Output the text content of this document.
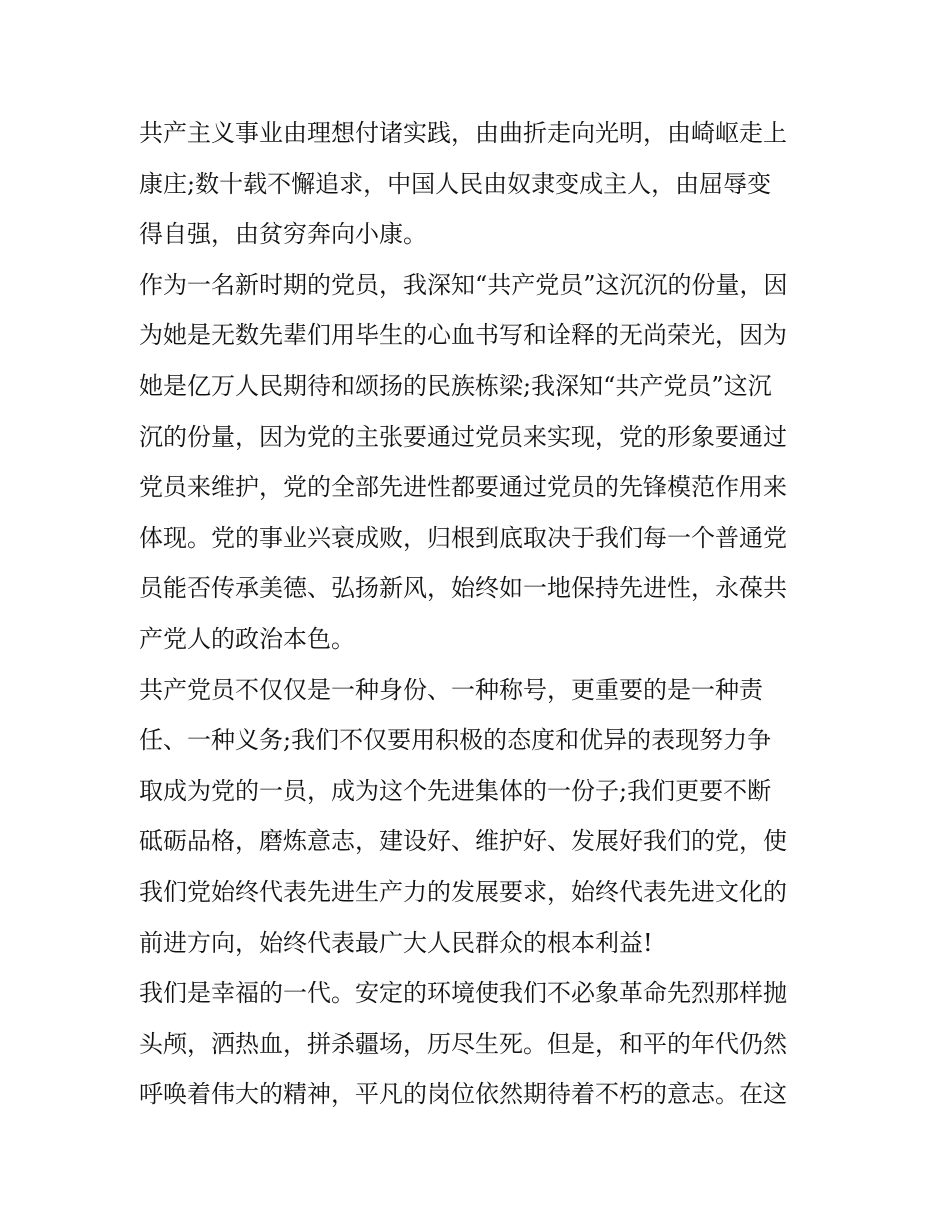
共产主义事业由理想付诸实践，由曲折走向光明，由崎岖走上
康庄;数十载不懈追求，中国人民由奴隶变成主人，由屈辱变
得自强，由贫穷奔向小康。

作为一名新时期的党员，我深知“共产党员”这沉沉的份量，因
为她是无数先辈们用毕生的心血书写和诠释的无尚荣光，因为
她是亿万人民期待和颂扬的民族栋梁;我深知“共产党员”这沉
沉的份量，因为党的主张要通过党员来实现，党的形象要通过
党员来维护，党的全部先进性都要通过党员的先锋模范作用来
体现。党的事业兴衰成败，归根到底取决于我们每一个普通党
员能否传承美德、弘扬新风，始终如一地保持先进性，永葆共
产党人的政治本色。

共产党员不仅仅是一种身份、一种称号，更重要的是一种责
任、一种义务;我们不仅要用积极的态度和优异的表现努力争
取成为党的一员，成为这个先进集体的一份子;我们更要不断
砥砺品格，磨炼意志，建设好、维护好、发展好我们的党，使
我们党始终代表先进生产力的发展要求，始终代表先进文化的
前进方向，始终代表最广大人民群众的根本利益!

我们是幸福的一代。安定的环境使我们不必象革命先烈那样抛
头颅，洒热血，拼杀疆场，历尽生死。但是，和平的年代仍然
呼唤着伟大的精神，平凡的岗位依然期待着不朽的意志。在这
